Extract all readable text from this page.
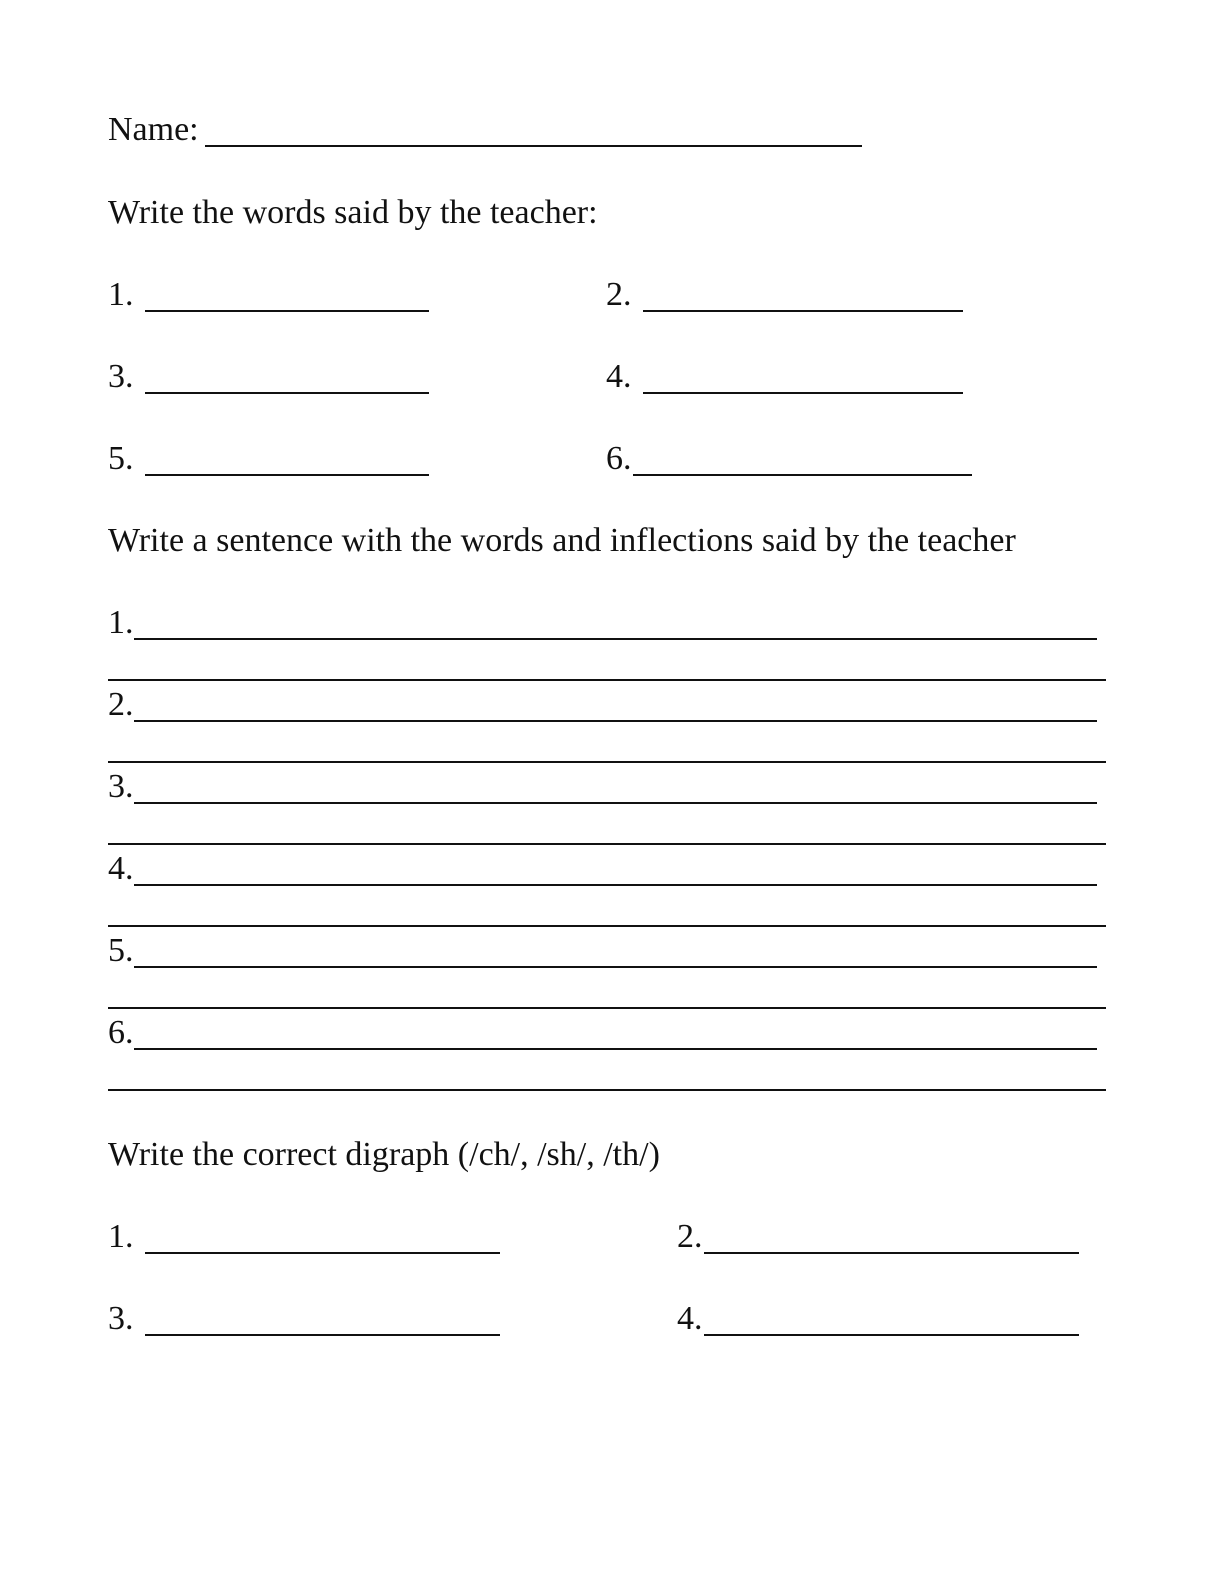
Name:
Write the words said by the teacher:
1.	2.
3.	4.
5.	6.
Write a sentence with the words and inflections said by the teacher
1.
2.
3.
4.
5.
6.
Write the correct digraph (/ch/, /sh/, /th/)
1.	2.
3.	4.
